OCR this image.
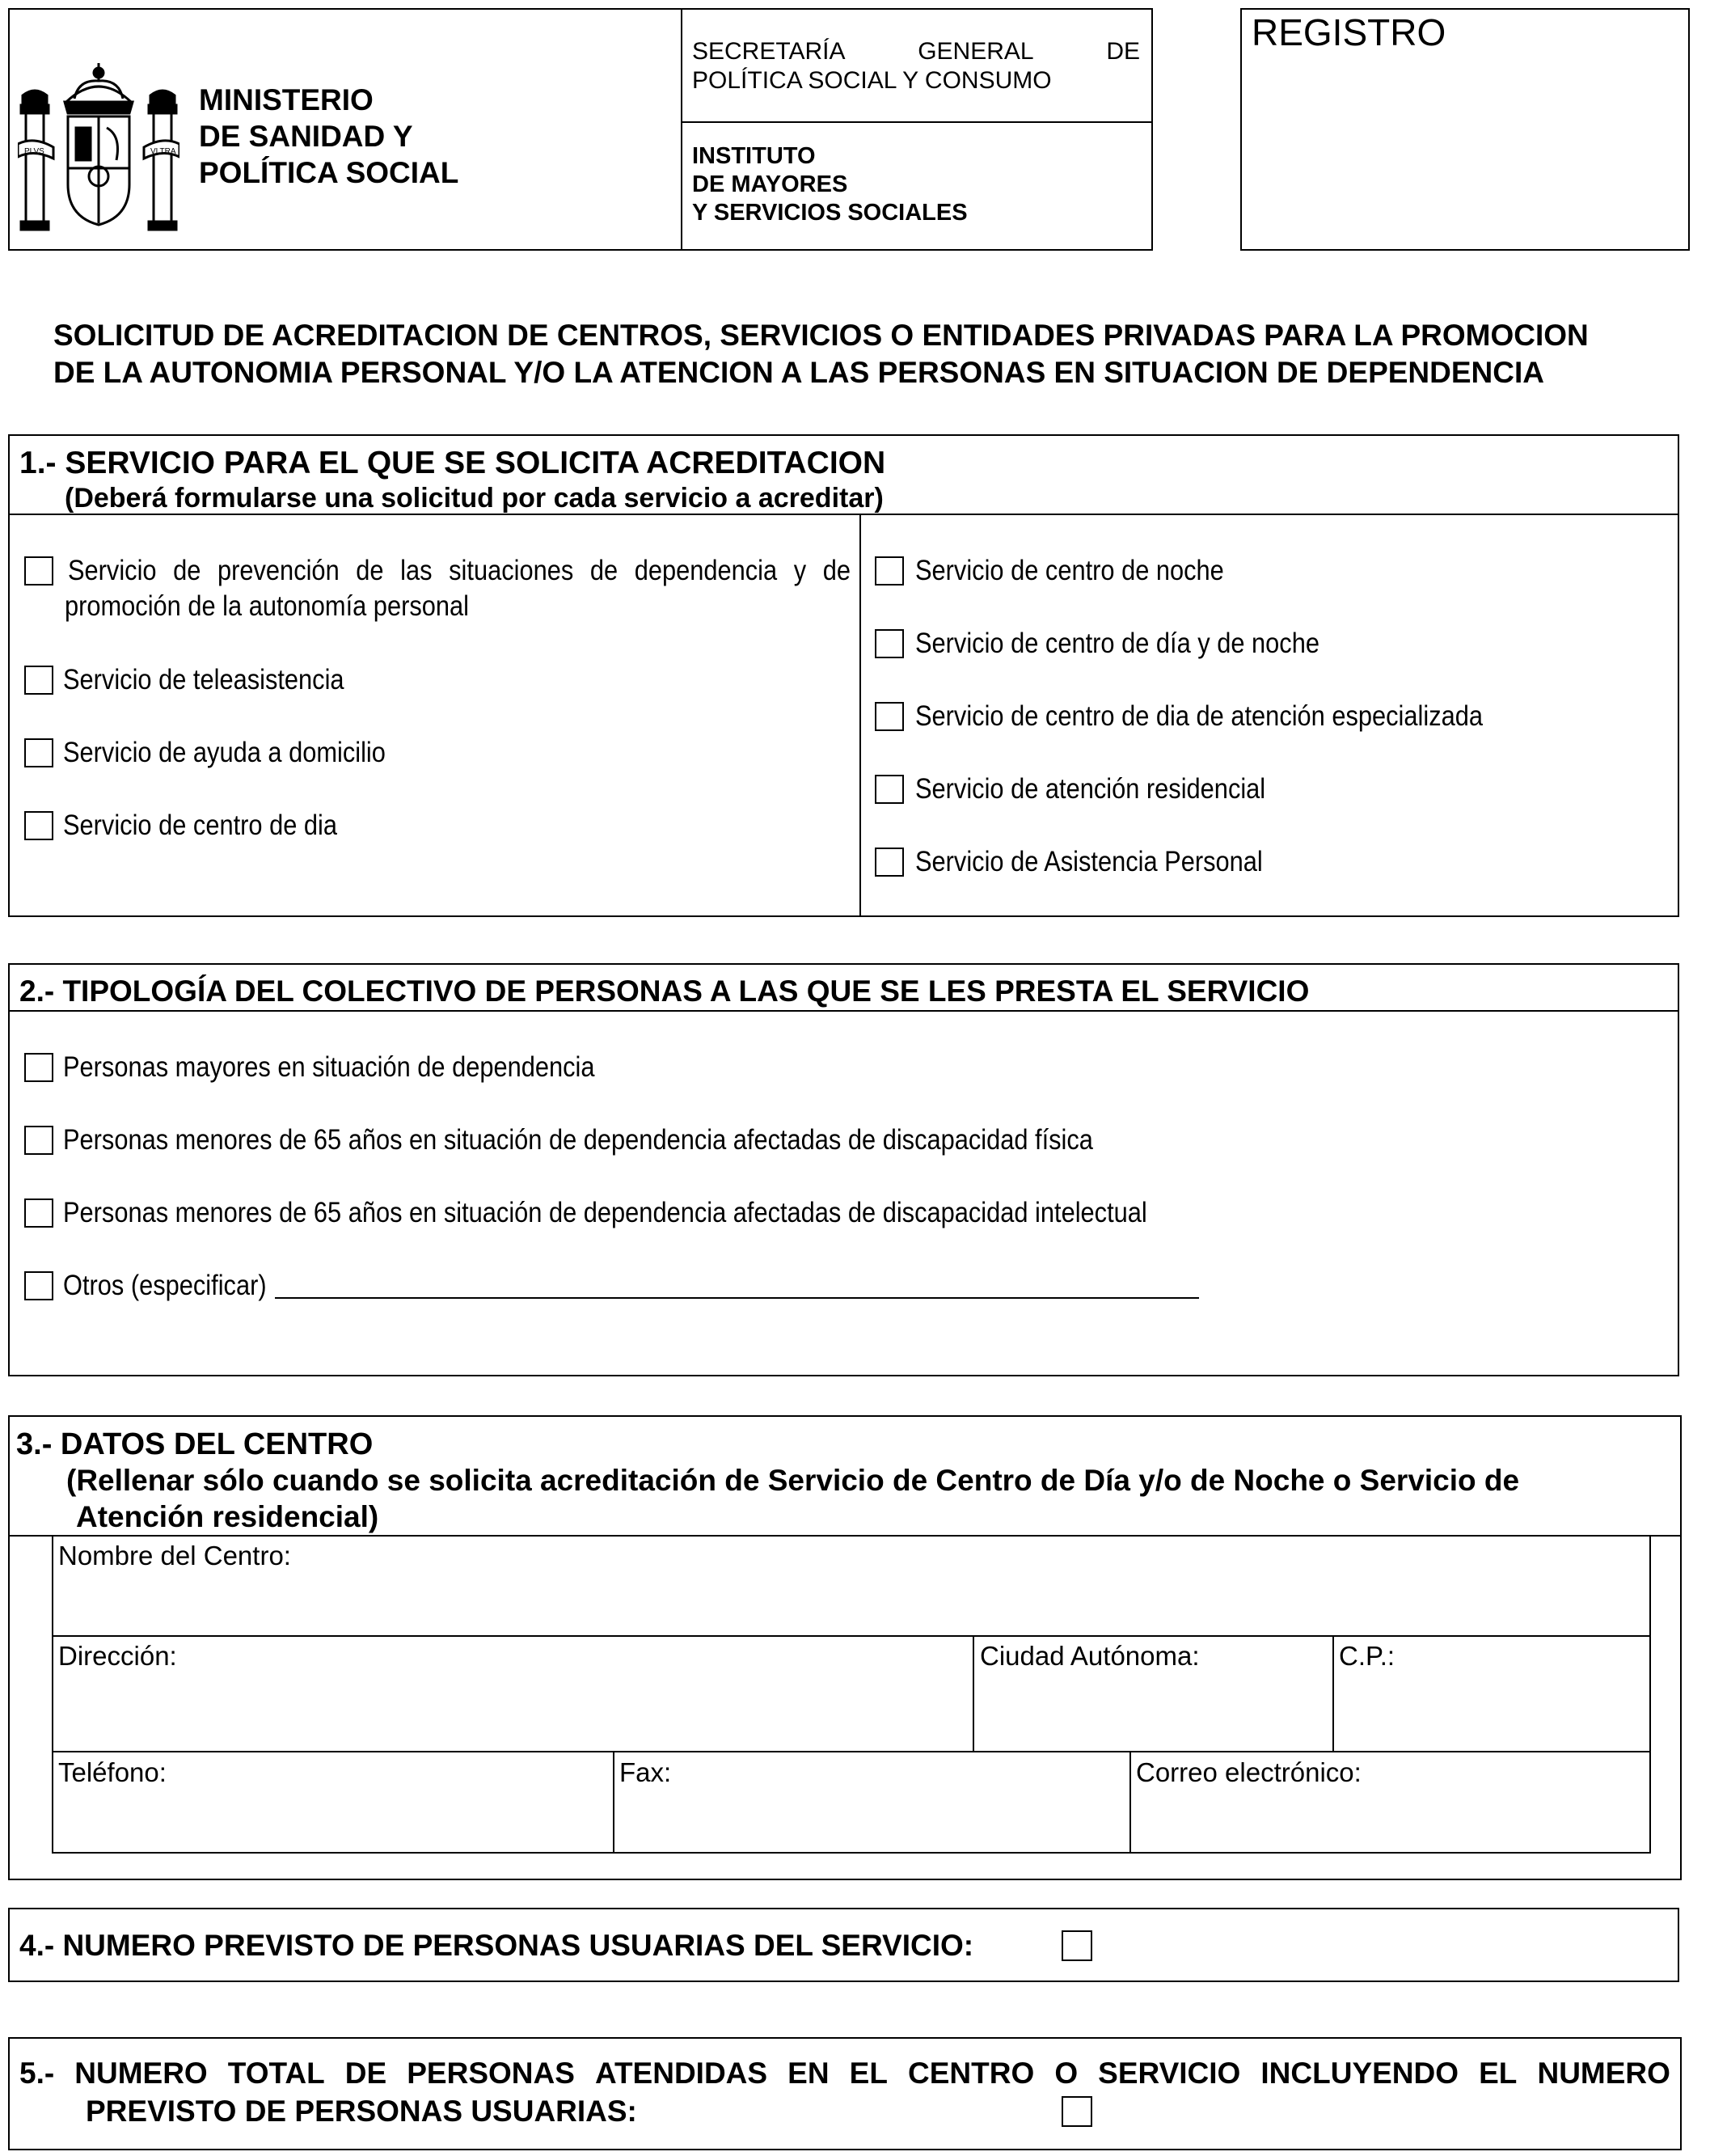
PLVS	VLTRA
MINISTERIO
DE SANIDAD Y
POLÍTICA SOCIAL
SECRETARÍA	GENERAL	DE
POLÍTICA SOCIAL Y CONSUMO
INSTITUTO
DE MAYORES
Y SERVICIOS SOCIALES
REGISTRO
SOLICITUD DE ACREDITACION DE CENTROS, SERVICIOS O ENTIDADES PRIVADAS PARA LA PROMOCION
DE LA AUTONOMIA PERSONAL Y/O LA ATENCION A LAS PERSONAS EN SITUACION DE DEPENDENCIA
1.- SERVICIO PARA EL QUE SE SOLICITA ACREDITACION
(Deberá formularse una solicitud por cada servicio a acreditar)
Servicio de prevención de las situaciones de dependencia y de
promoción de la autonomía personal
Servicio de teleasistencia
Servicio de ayuda a domicilio
Servicio de centro de dia
Servicio de centro de noche
Servicio de centro de día y de noche
Servicio de centro de dia de atención especializada
Servicio de atención residencial
Servicio de Asistencia Personal
2.- TIPOLOGÍA DEL COLECTIVO DE PERSONAS A LAS QUE SE LES PRESTA EL SERVICIO
Personas mayores en situación de dependencia
Personas menores de 65 años en situación de dependencia afectadas de discapacidad física
Personas menores de 65 años en situación de dependencia afectadas de discapacidad intelectual
Otros (especificar)
3.- DATOS DEL CENTRO
(Rellenar sólo cuando se solicita acreditación de Servicio de Centro de Día y/o de Noche o Servicio de
Atención residencial)
Nombre del Centro:
Dirección:	Ciudad Autónoma:	C.P.:
Teléfono:	Fax:	Correo electrónico:
4.- NUMERO PREVISTO DE PERSONAS USUARIAS DEL SERVICIO:
5.- NUMERO TOTAL DE PERSONAS ATENDIDAS EN EL CENTRO O SERVICIO INCLUYENDO EL NUMERO
PREVISTO DE PERSONAS USUARIAS:
